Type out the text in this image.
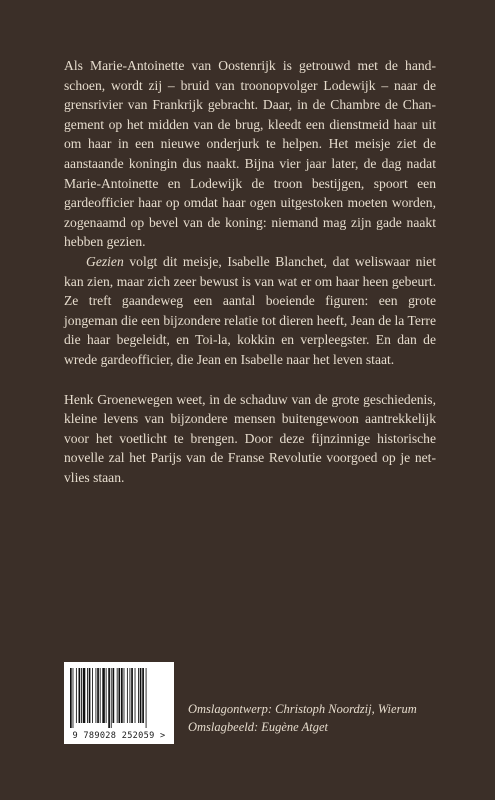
Als Marie-Antoinette van Oostenrijk is getrouwd met de handschoen, wordt zij – bruid van troonopvolger Lodewijk – naar de grensrivier van Frankrijk gebracht. Daar, in de Chambre de Changement op het midden van de brug, kleedt een dienstmeid haar uit om haar in een nieuwe onderjurk te helpen. Het meisje ziet de aanstaande koningin dus naakt. Bijna vier jaar later, de dag nadat Marie-Antoinette en Lodewijk de troon bestijgen, spoort een gardeofficier haar op omdat haar ogen uitgestoken moeten worden, zogenaamd op bevel van de koning: niemand mag zijn gade naakt hebben gezien.

Gezien volgt dit meisje, Isabelle Blanchet, dat weliswaar niet kan zien, maar zich zeer bewust is van wat er om haar heen gebeurt. Ze treft gaandeweg een aantal boeiende figuren: een grote jongeman die een bijzondere relatie tot dieren heeft, Jean de la Terre die haar begeleidt, en Toi-la, kokkin en verpleegster. En dan de wrede gardeofficier, die Jean en Isabelle naar het leven staat.

Henk Groenewegen weet, in de schaduw van de grote geschiedenis, kleine levens van bijzondere mensen buitengewoon aantrekkelijk voor het voetlicht te brengen. Door deze fijnzinnige historische novelle zal het Parijs van de Franse Revolutie voorgoed op je netvlies staan.

9 789028 252059 >
Omslagontwerp: Christoph Noordzij, Wierum
Omslagbeeld: Eugène Atget
